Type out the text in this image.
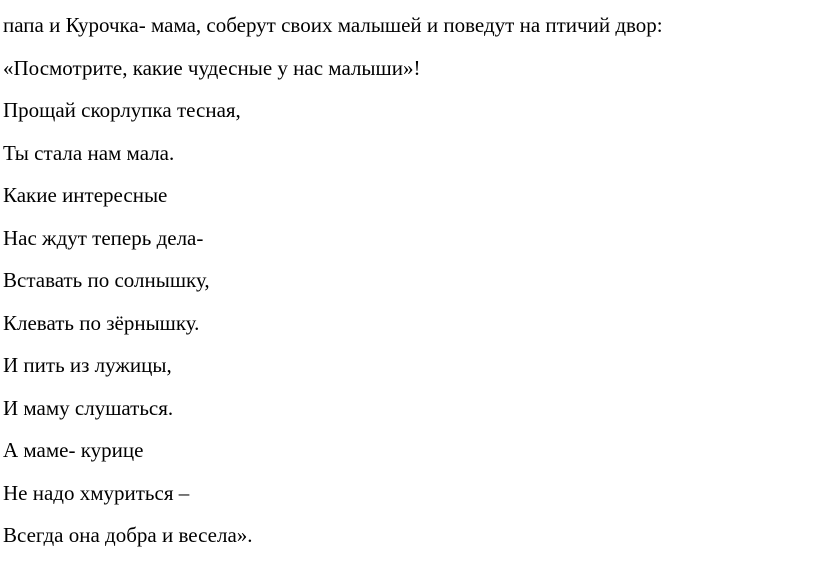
папа и Курочка- мама, соберут своих малышей и поведут на птичий двор:
«Посмотрите, какие чудесные у нас малыши»!
Прощай скорлупка тесная,
Ты стала нам мала.
Какие интересные
Нас ждут теперь дела-
Вставать по солнышку,
Клевать по зёрнышку.
И пить из лужицы,
И маму слушаться.
А маме- курице
Не надо хмуриться –
Всегда она добра и весела».
